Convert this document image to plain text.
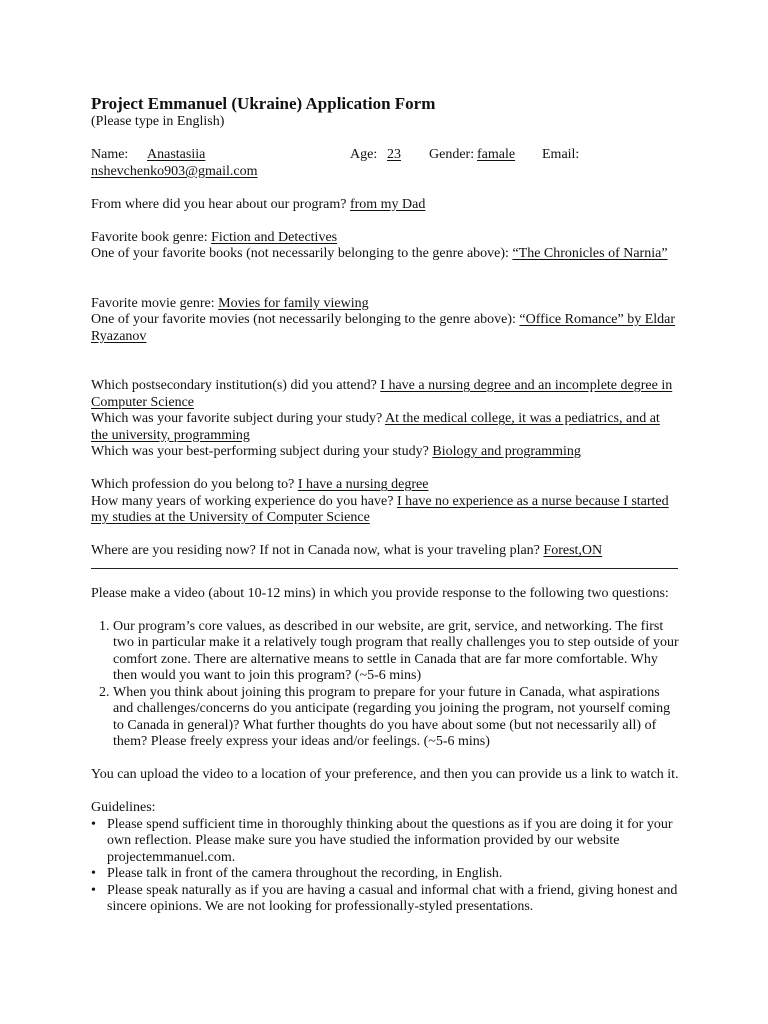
Project Emmanuel (Ukraine) Application Form

(Please type in English)

Name: Anastasiia	Age: 23 Gender: famale Email:

nshevchenko903@gmail.com

From where did you hear about our program? from my Dad

Favorite book genre: Fiction and Detectives

One of your favorite books (not necessarily belonging to the genre above): “The Chronicles of Narnia”

Favorite movie genre: Movies for family viewing

One of your favorite movies (not necessarily belonging to the genre above): “Office Romance” by Eldar Ryazanov

Which postsecondary institution(s) did you attend? I have a nursing degree and an incomplete degree in Computer Science

Which was your favorite subject during your study? At the medical college, it was a pediatrics, and at the university, programming

Which was your best-performing subject during your study? Biology and programming

Which profession do you belong to? I have a nursing degree

How many years of working experience do you have? I have no experience as a nurse because I started my studies at the University of Computer Science

Where are you residing now? If not in Canada now, what is your traveling plan? Forest,ON

Please make a video (about 10-12 mins) in which you provide response to the following two questions:

1. Our program’s core values, as described in our website, are grit, service, and networking. The first two in particular make it a relatively tough program that really challenges you to step outside of your comfort zone. There are alternative means to settle in Canada that are far more comfortable. Why then would you want to join this program? (~5-6 mins)
2. When you think about joining this program to prepare for your future in Canada, what aspirations and challenges/concerns do you anticipate (regarding you joining the program, not yourself coming to Canada in general)? What further thoughts do you have about some (but not necessarily all) of them? Please freely express your ideas and/or feelings. (~5-6 mins)

You can upload the video to a location of your preference, and then you can provide us a link to watch it.

Guidelines:

• Please spend sufficient time in thoroughly thinking about the questions as if you are doing it for your own reflection. Please make sure you have studied the information provided by our website projectemmanuel.com.
• Please talk in front of the camera throughout the recording, in English.
• Please speak naturally as if you are having a casual and informal chat with a friend, giving honest and sincere opinions. We are not looking for professionally-styled presentations.
